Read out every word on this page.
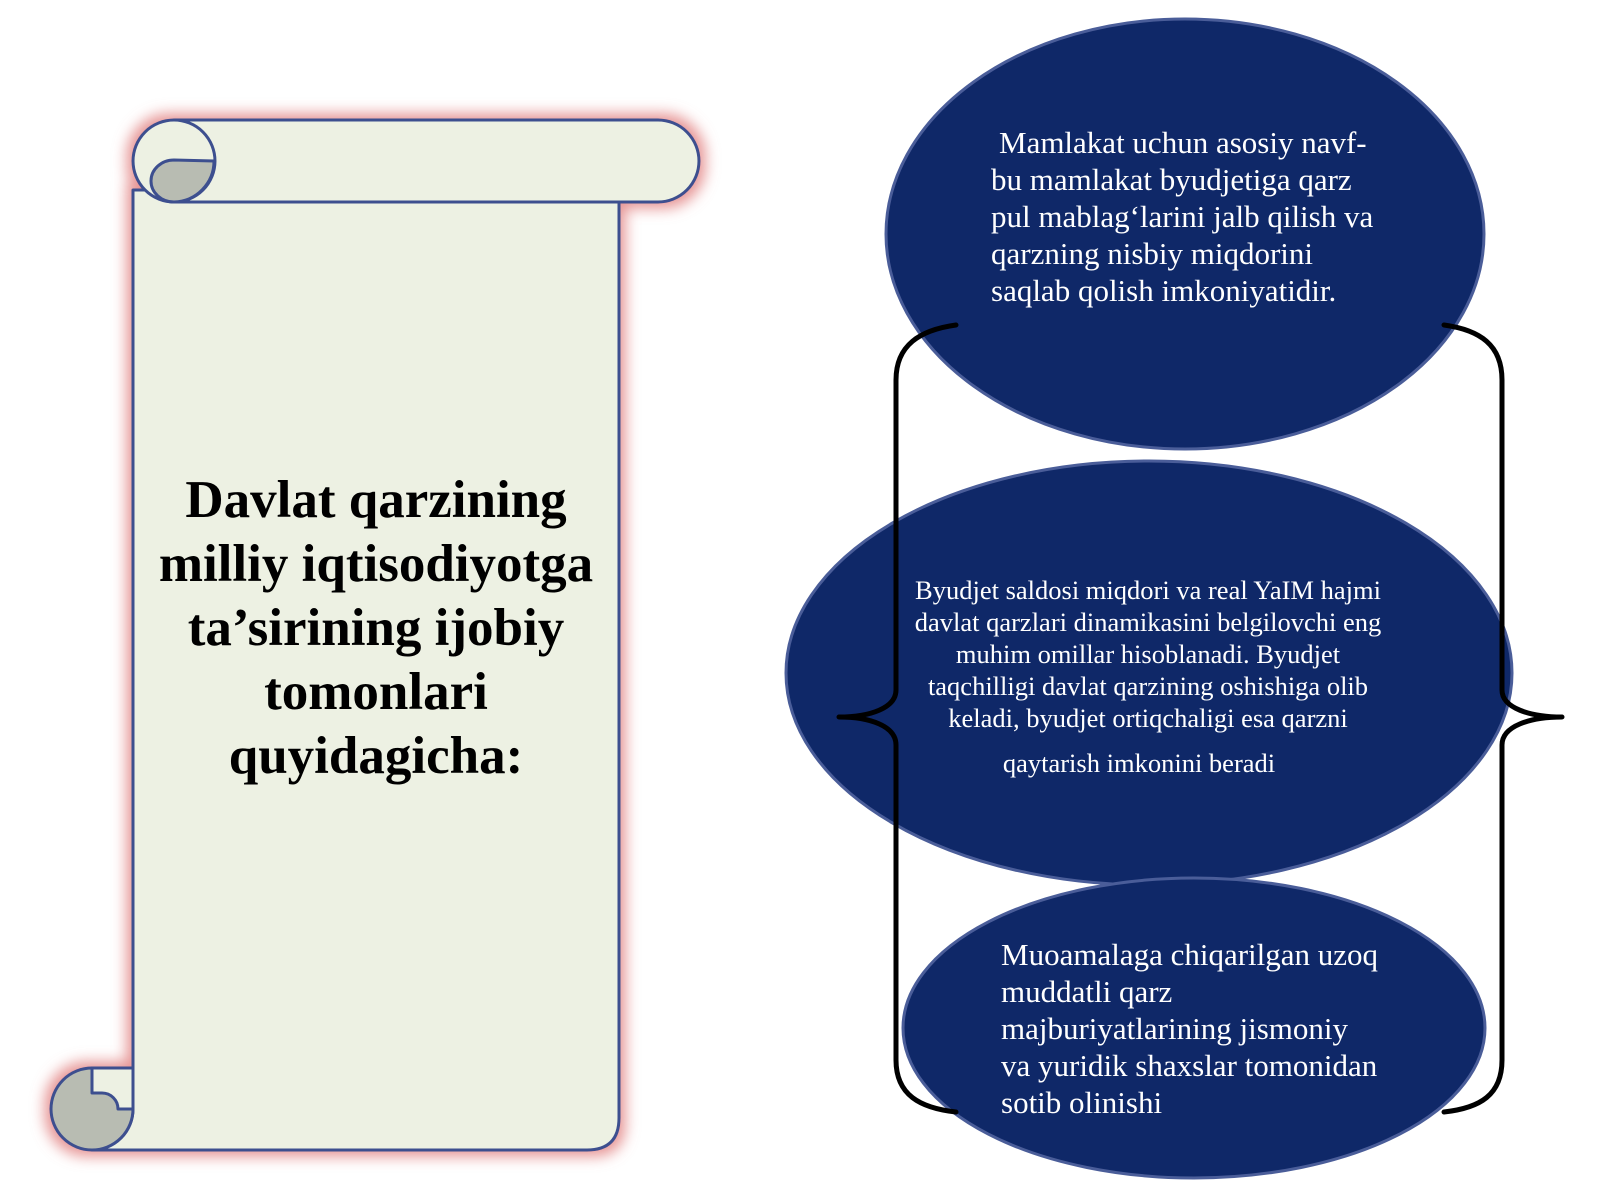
Davlat qarzining
milliy iqtisodiyotga
ta’sirining ijobiy
tomonlari
quyidagicha:
Mamlakat uchun asosiy navf-
bu mamlakat byudjetiga qarz
pul mablag‘larini jalb qilish va
qarzning nisbiy miqdorini
saqlab qolish imkoniyatidir.
Byudjet saldosi miqdori va real YaIM hajmi
davlat qarzlari dinamikasini belgilovchi eng
muhim omillar hisoblanadi. Byudjet
taqchilligi davlat qarzining oshishiga olib
keladi, byudjet ortiqchaligi esa qarzni
qaytarish imkonini beradi
Muoamalaga chiqarilgan uzoq
muddatli qarz
majburiyatlarining jismoniy
va yuridik shaxslar tomonidan
sotib olinishi
